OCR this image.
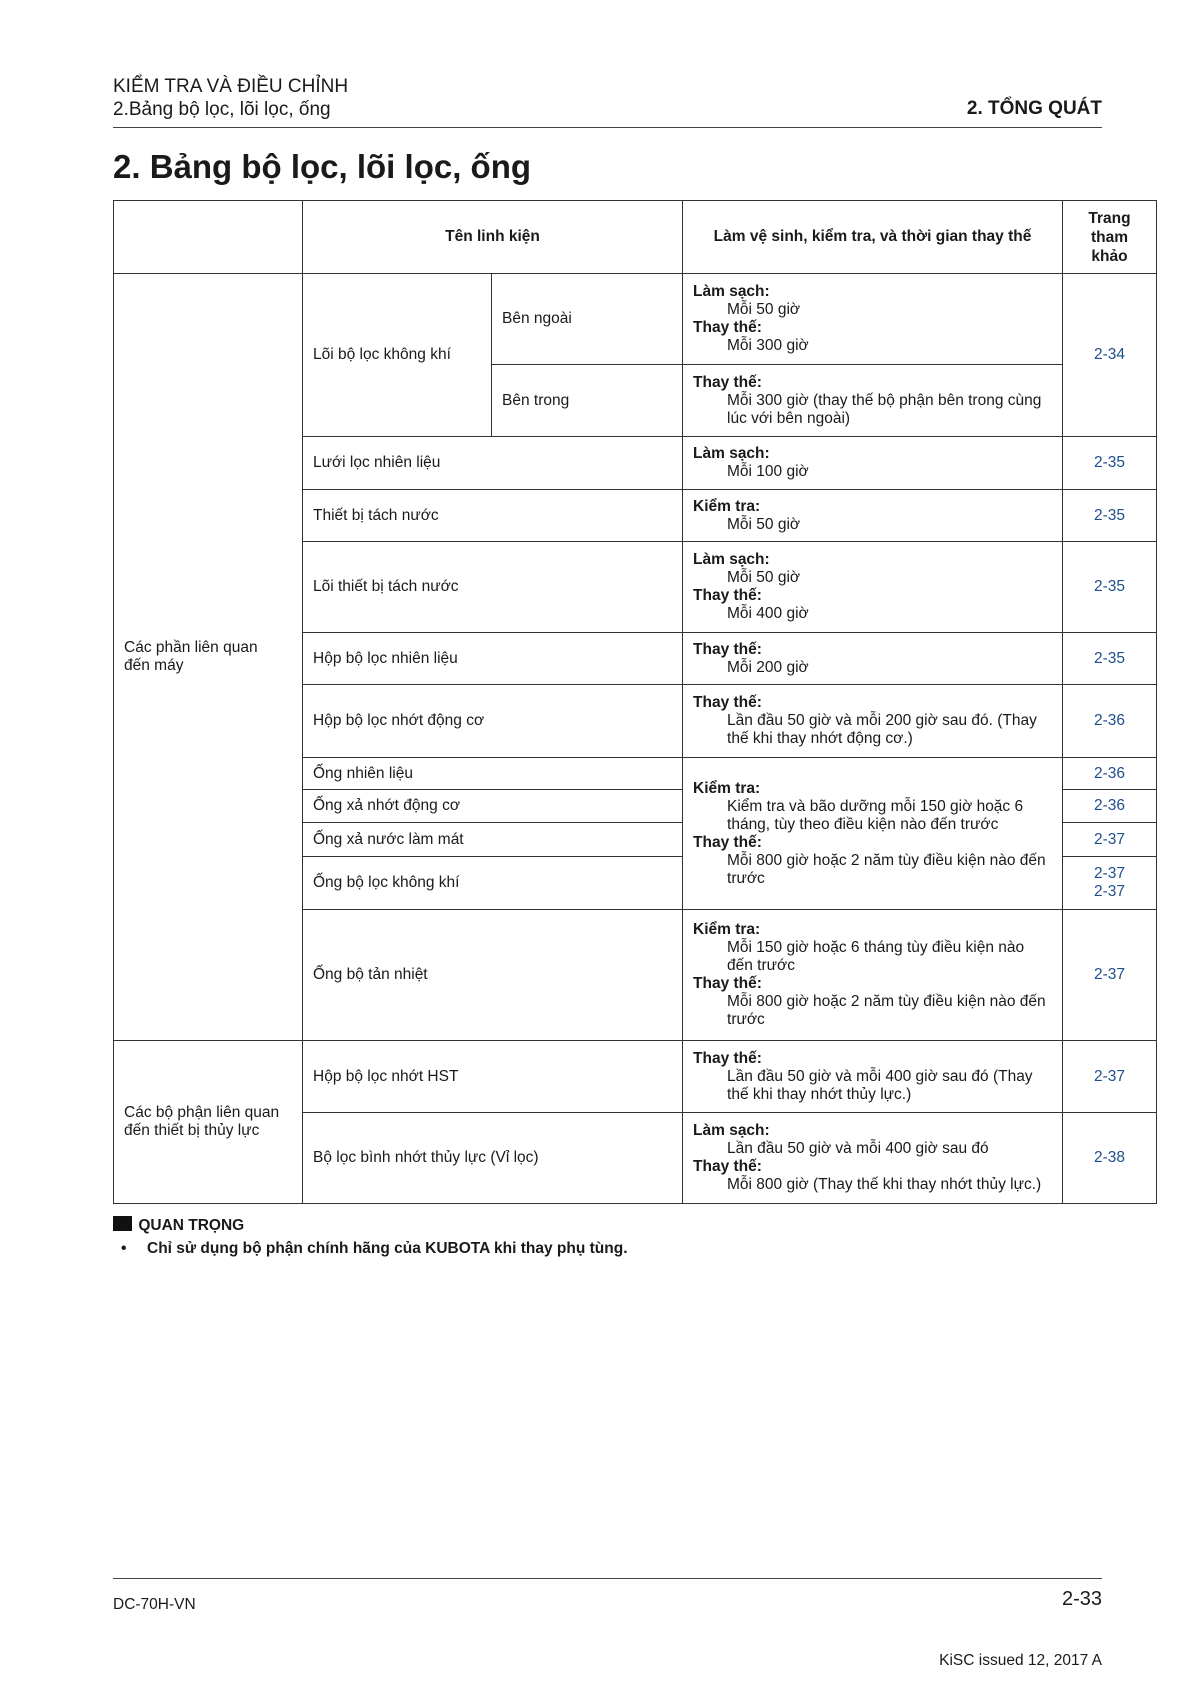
KIỂM TRA VÀ ĐIỀU CHỈNH
2.Bảng bộ lọc, lõi lọc, ống	2. TỔNG QUÁT
2. Bảng bộ lọc, lõi lọc, ống
	Tên linh kiện		Làm vệ sinh, kiểm tra, và thời gian thay thế	Trang
tham
khảo
Các phần liên quan
đến máy	Lõi bộ lọc không khí	Bên ngoài	Làm sạch:
Mỗi 50 giờ
Thay thế:
Mỗi 300 giờ	2-34
		Bên trong	Thay thế:
Mỗi 300 giờ (thay thế bộ phận bên trong cùng lúc với bên ngoài)	

	Lưới lọc nhiên liệu		Làm sạch:
Mỗi 100 giờ	2-35
	Thiết bị tách nước		Kiểm tra:
Mỗi 50 giờ	2-35
	Lõi thiết bị tách nước		Làm sạch:
Mỗi 50 giờ
Thay thế:
Mỗi 400 giờ	2-35
	Hộp bộ lọc nhiên liệu		Thay thế:
Mỗi 200 giờ	2-35
	Hộp bộ lọc nhớt động cơ		Thay thế:
Lần đầu 50 giờ và mỗi 200 giờ sau đó. (Thay thế khi thay nhớt động cơ.)	2-36
	Ống nhiên liệu		Kiểm tra:
Kiểm tra và bão dưỡng mỗi 150 giờ hoặc 6 tháng, tùy theo điều kiện nào đến trước
Thay thế:
Mỗi 800 giờ hoặc 2 năm tùy điều kiện nào đến trước	2-36
	Ống xả nhớt động cơ			2-36
	Ống xả nước làm mát			2-37
	Ống bộ lọc không khí			2-37
2-37

	Ống bộ tản nhiệt		Kiểm tra:
Mỗi 150 giờ hoặc 6 tháng tùy điều kiện nào đến trước
Thay thế:
Mỗi 800 giờ hoặc 2 năm tùy điều kiện nào đến trước	2-37
Các bộ phận liên quan
đến thiết bị thủy lực	Hộp bộ lọc nhớt HST		Thay thế:
Lần đầu 50 giờ và mỗi 400 giờ sau đó (Thay thế khi thay nhớt thủy lực.)	2-37
	Bộ lọc bình nhớt thủy lực (Vỉ lọc)		Làm sạch:
Lần đầu 50 giờ và mỗi 400 giờ sau đó
Thay thế:
Mỗi 800 giờ (Thay thế khi thay nhớt thủy lực.)	2-38
QUAN TRỌNG
• Chỉ sử dụng bộ phận chính hãng của KUBOTA khi thay phụ tùng.
DC-70H-VN	2-33
KiSC issued 12, 2017 A
